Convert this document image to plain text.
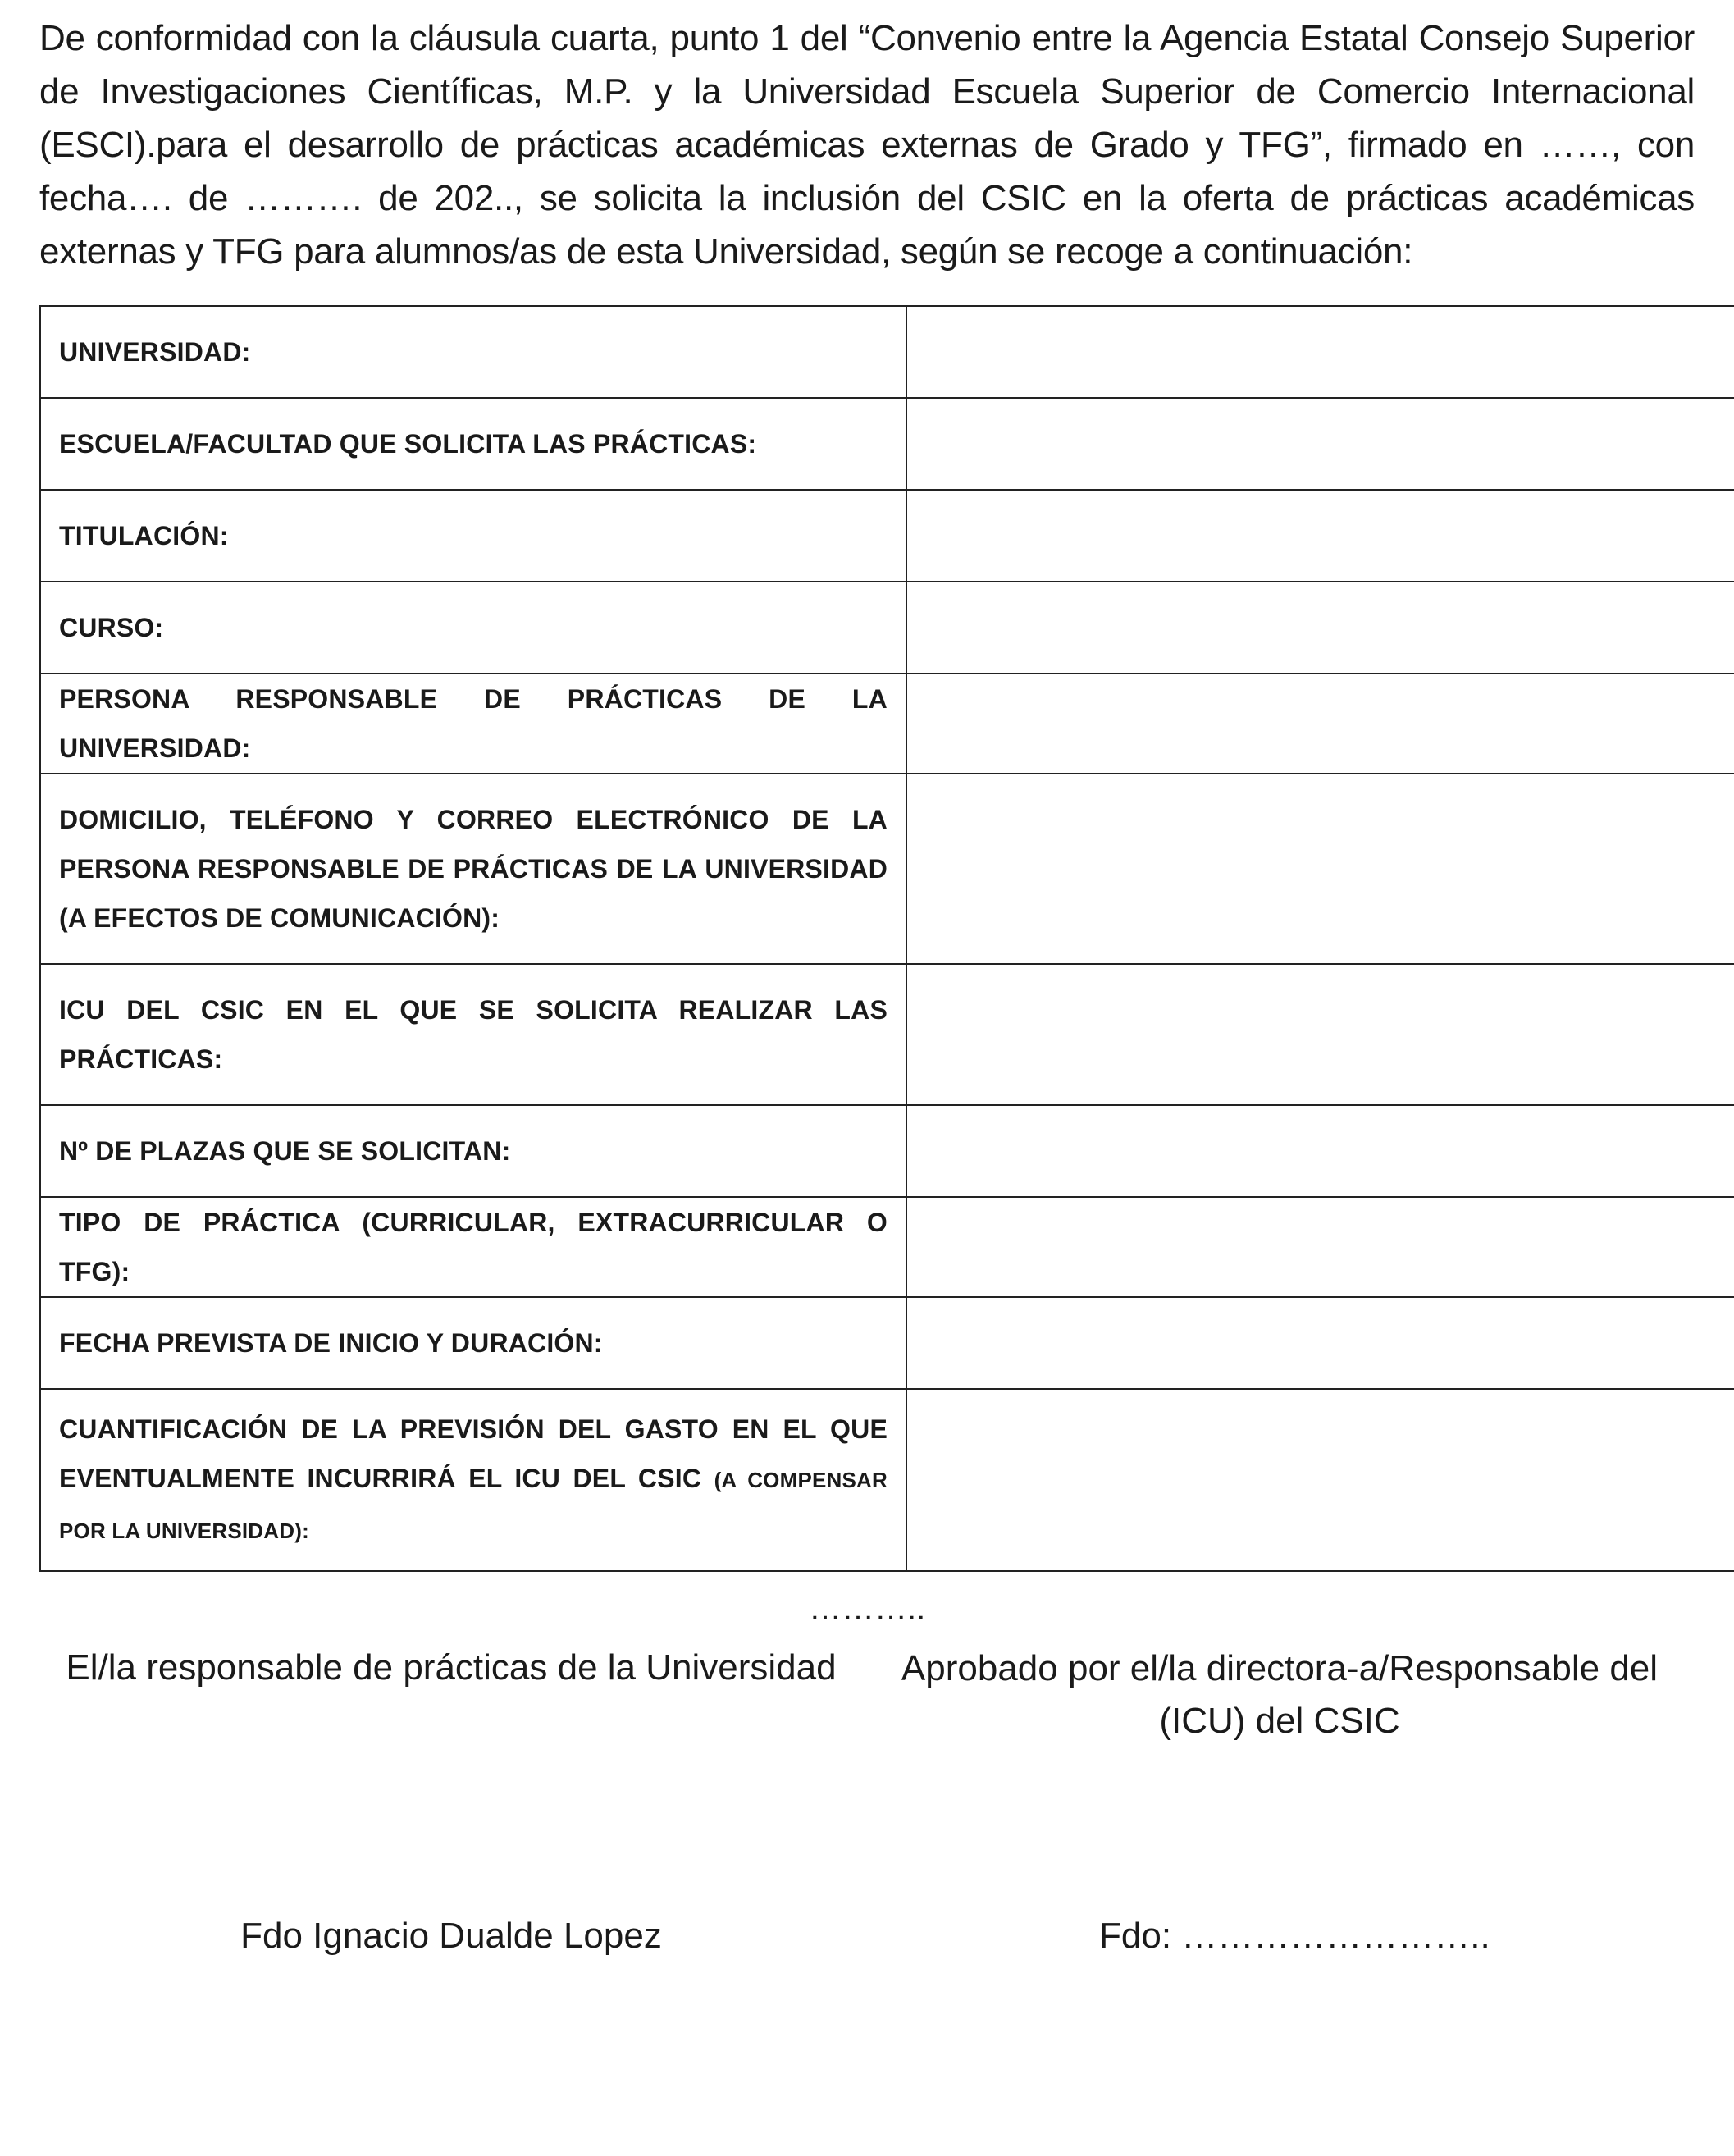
De conformidad con la cláusula cuarta, punto 1 del “Convenio entre la Agencia Estatal Consejo Superior de Investigaciones Científicas, M.P. y la Universidad Escuela Superior de Comercio Internacional (ESCI).para el desarrollo de prácticas académicas externas de Grado y TFG”, firmado en ……, con fecha…. de ………. de 202.., se solicita la inclusión del CSIC en la oferta de prácticas académicas externas y TFG para alumnos/as de esta Universidad, según se recoge a continuación:

UNIVERSIDAD:	
ESCUELA/FACULTAD QUE SOLICITA LAS PRÁCTICAS:	
TITULACIÓN:	
CURSO:	
PERSONA RESPONSABLE DE PRÁCTICAS DE LA UNIVERSIDAD:	
DOMICILIO, TELÉFONO Y CORREO ELECTRÓNICO DE LA PERSONA RESPONSABLE DE PRÁCTICAS DE LA UNIVERSIDAD (A EFECTOS DE COMUNICACIÓN):	
ICU DEL CSIC EN EL QUE SE SOLICITA REALIZAR LAS PRÁCTICAS:	
Nº DE PLAZAS QUE SE SOLICITAN:	
TIPO DE PRÁCTICA (CURRICULAR, EXTRACURRICULAR O TFG):	
FECHA PREVISTA DE INICIO Y DURACIÓN:	
CUANTIFICACIÓN DE LA PREVISIÓN DEL GASTO EN EL QUE EVENTUALMENTE INCURRIRÁ EL ICU DEL CSIC (A COMPENSAR POR LA UNIVERSIDAD):	
………..
El/la responsable de prácticas de la Universidad	Aprobado por el/la directora-a/Responsable del
(ICU) del CSIC
Fdo Ignacio Dualde Lopez	Fdo: ……………………..
